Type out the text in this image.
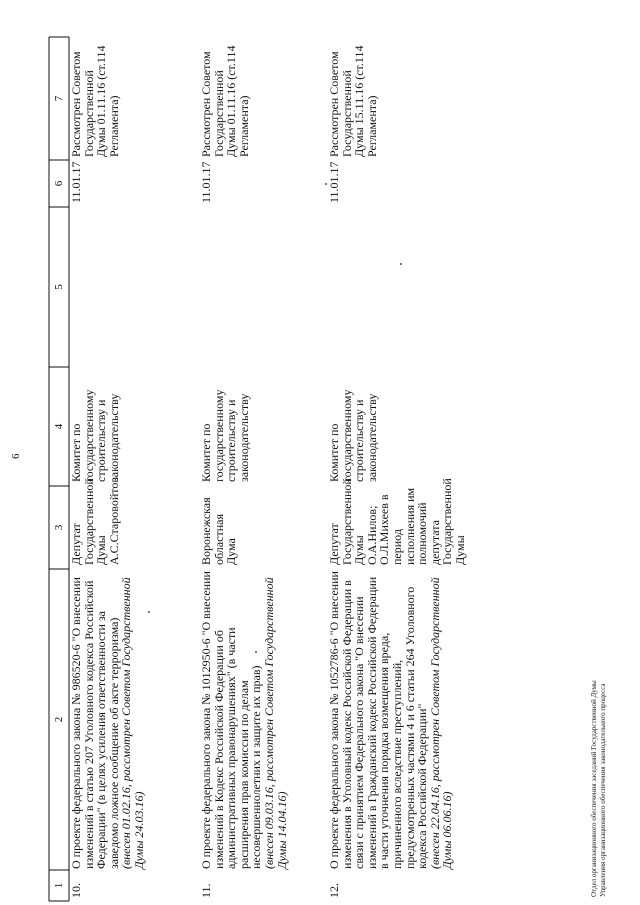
6
1
2
3
4
5
6
7
10.
О проекте федерального закона № 986520-6 "О внесении изменений в статью 207 Уголовного кодекса Российской Федерации" (в целях усиления ответственности за заведомо ложное сообщение об акте терроризма)
(внесен 01.02.16, рассмотрен Советом Государственной Думы 24.03.16)
Депутат Государственной Думы А.С.Старовойтов
Комитет по государственному строительству и законодательству
11.01.17
Рассмотрен Советом Государственной Думы 01.11.16 (ст.114 Регламента)
11.
О проекте федерального закона № 1012950-6 "О внесении изменений в Кодекс Российской Федерации об административных правонарушениях" (в части расширения прав комиссии по делам несовершеннолетних и защите их прав)
(внесен 09.03.16, рассмотрен Советом Государственной Думы 14.04.16)
Воронежская областная Дума
Комитет по государственному строительству и законодательству
11.01.17
Рассмотрен Советом Государственной Думы 01.11.16 (ст.114 Регламента)
12.
О проекте федерального закона № 1052786-6 "О внесении изменения в Уголовный кодекс Российской Федерации в связи с принятием Федерального закона "О внесении изменений в Гражданский кодекс Российской Федерации в части уточнения порядка возмещения вреда, причиненного вследствие преступлений, предусмотренных частями 4 и 6 статьи 264 Уголовного кодекса Российской Федерации"
(внесен 22.04.16, рассмотрен Советом Государственной Думы 06.06.16)
Депутат Государственной Думы О.А.Нилов; О.Л.Михеев в период исполнения им полномочий депутата Государственной Думы
Комитет по государственному строительству и законодательству
11.01.17
Рассмотрен Советом Государственной Думы 15.11.16 (ст.114 Регламента)
Отдел организационного обеспечения заседаний Государственной Думы Управления организационного обеспечения законодательного процесса
